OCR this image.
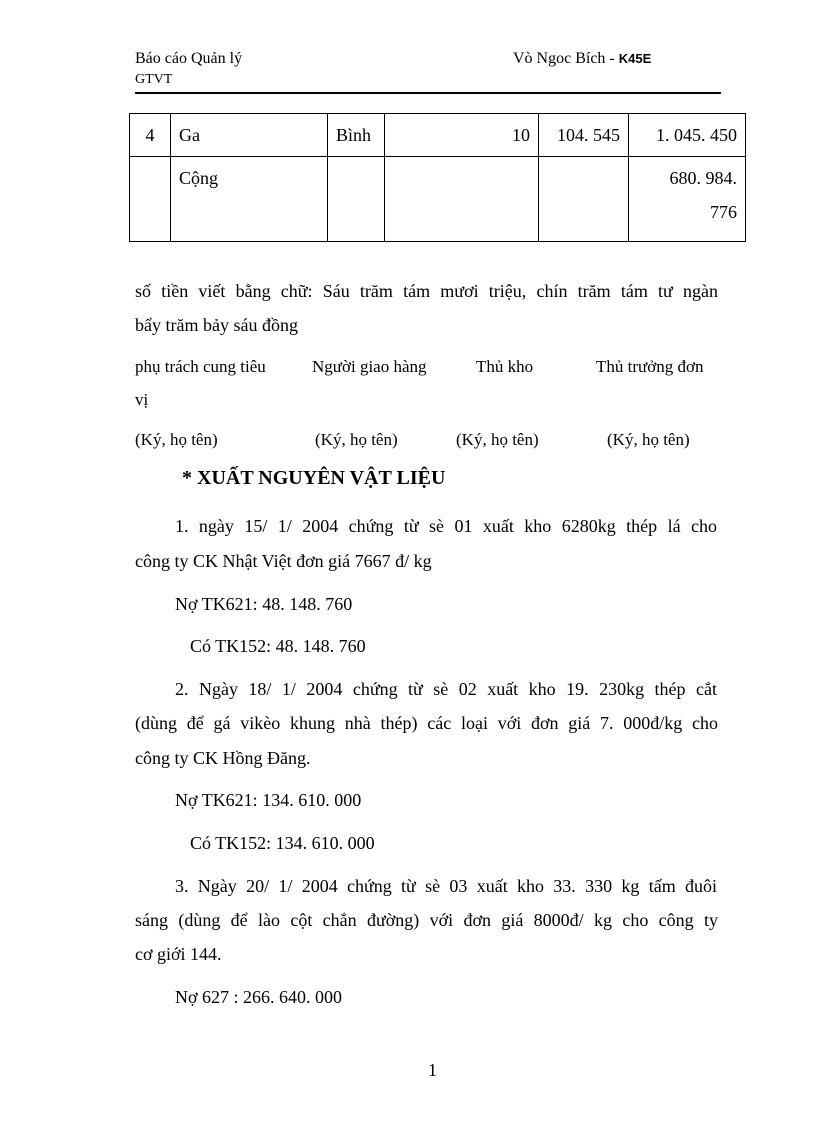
Báo cáo Quản lý
GTVT
Vò Ngoc Bích - K45E
4	Ga	Bình	10	104. 545	1. 045. 450
	Cộng				680. 984.
776
số tiền viết bằng chữ: Sáu trăm tám mươi triệu, chín trăm tám tư ngàn
bẩy trăm bảy sáu đồng
phụ trách cung tiêu	Người giao hàng	Thủ kho	Thủ trưởng đơn
vị
(Ký, họ tên)	(Ký, họ tên)	(Ký, họ tên)	(Ký, họ tên)
* XUẤT NGUYÊN VẬT LIỆU
1. ngày 15/ 1/ 2004 chứng từ sè 01 xuất kho 6280kg thép lá cho
công ty CK Nhật Việt đơn giá 7667 đ/ kg
Nợ TK621: 48. 148. 760
Có TK152: 48. 148. 760
2. Ngày 18/ 1/ 2004 chứng từ sè 02 xuất kho 19. 230kg thép cắt
(dùng để gá vikèo khung nhà thép) các loại với đơn giá 7. 000đ/kg cho
công ty CK Hồng Đăng.
Nợ TK621: 134. 610. 000
Có TK152: 134. 610. 000
3. Ngày 20/ 1/ 2004 chứng từ sè 03 xuất kho 33. 330 kg tấm đuôi
sáng (dùng để lào cột chắn đường) với đơn giá 8000đ/ kg cho công ty
cơ giới 144.
Nợ 627 : 266. 640. 000
1
